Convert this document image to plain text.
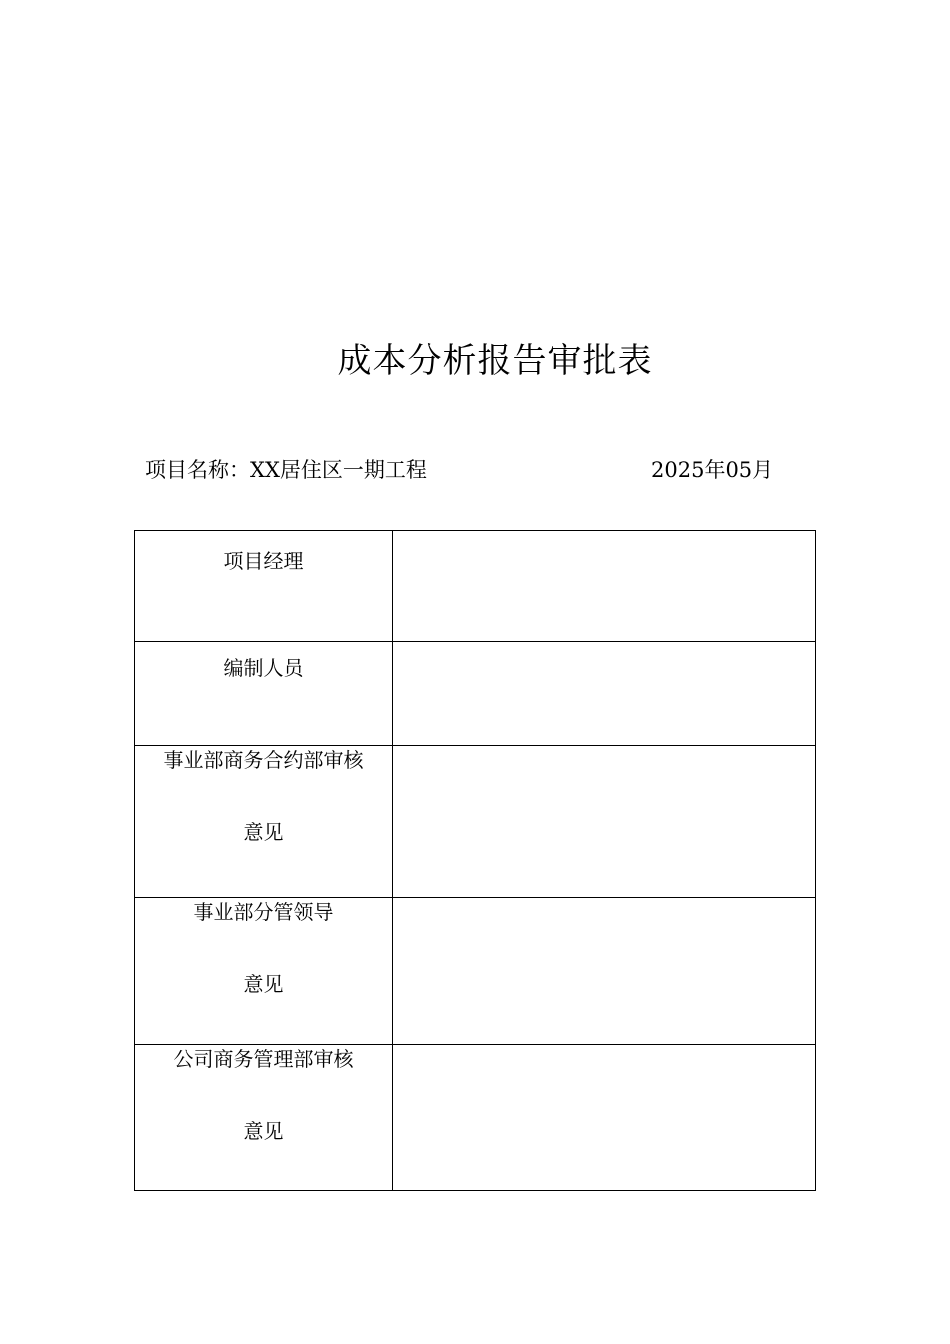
成本分析报告审批表
项目名称：XX居住区一期工程	2025年05月
项目经理	

编制人员	

事业部商务合约部审核
意见	

事业部分管领导
意见	

公司商务管理部审核
意见	
